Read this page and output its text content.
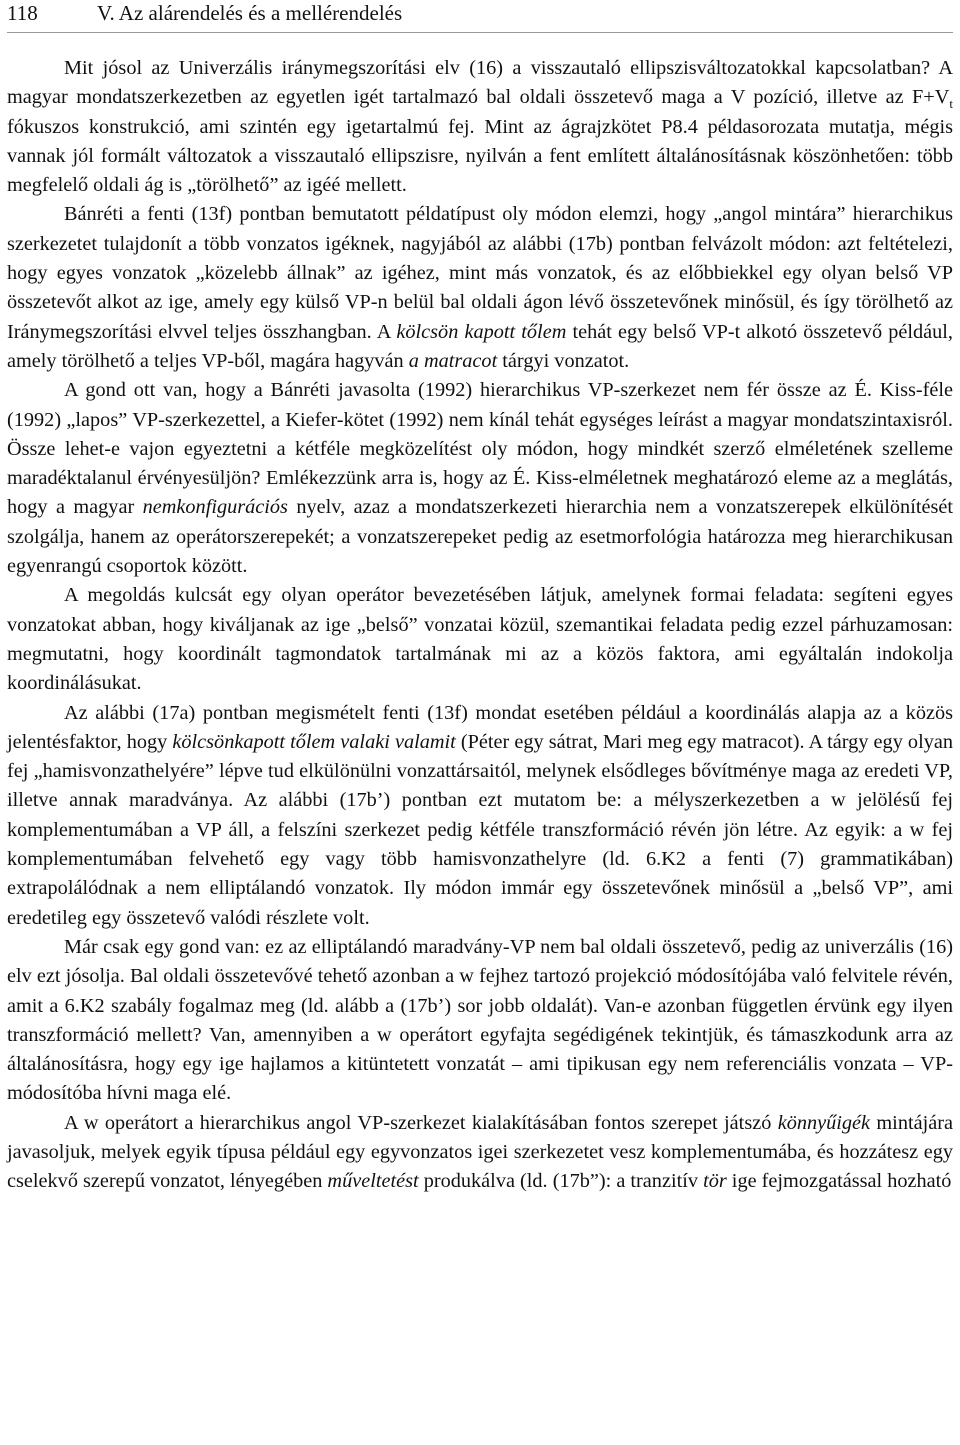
118	V. Az alárendelés és a mellérendelés

Mit jósol az Univerzális iránymegszorítási elv (16) a visszautaló ellipszisváltozatokkal kapcsolatban? A magyar mondatszerkezetben az egyetlen igét tartalmazó bal oldali összetevő maga a V pozíció, illetve az $F+V_t$ fókuszos konstrukció, ami szintén egy igetartalmú fej. Mint az ágrajzkötet P8.4 példasorozata mutatja, mégis vannak jól formált változatok a visszautaló ellipszisre, nyilván a fent említett általánosításnak köszönhetően: több megfelelő oldali ág is „törölhető” az igéé mellett.

Bánréti a fenti (13f) pontban bemutatott példatípust oly módon elemzi, hogy „angol mintára” hierarchikus szerkezetet tulajdonít a több vonzatos igéknek, nagyjából az alábbi (17b) pontban felvázolt módon: azt feltételezi, hogy egyes vonzatok „közelebb állnak” az igéhez, mint más vonzatok, és az előbbiekkel egy olyan belső VP összetevőt alkot az ige, amely egy külső VP-n belül bal oldali ágon lévő összetevőnek minősül, és így törölhető az Iránymegszorítási elvvel teljes összhangban. A kölcsön kapott tőlem tehát egy belső VP-t alkotó összetevő például, amely törölhető a teljes VP-ből, magára hagyván a matracot tárgyi vonzatot.

A gond ott van, hogy a Bánréti javasolta (1992) hierarchikus VP-szerkezet nem fér össze az É. Kiss-féle (1992) „lapos” VP-szerkezettel, a Kiefer-kötet (1992) nem kínál tehát egységes leírást a magyar mondatszintaxisról. Össze lehet-e vajon egyeztetni a kétféle megközelítést oly módon, hogy mindkét szerző elméletének szelleme maradéktalanul érvényesüljön? Emlékezzünk arra is, hogy az É. Kiss-elméletnek meghatározó eleme az a meglátás, hogy a magyar nemkonfigurációs nyelv, azaz a mondatszerkezeti hierarchia nem a vonzatszerepek elkülönítését szolgálja, hanem az operátorszerepekét; a vonzatszerepeket pedig az esetmorfológia határozza meg hierarchikusan egyenrangú csoportok között.

A megoldás kulcsát egy olyan operátor bevezetésében látjuk, amelynek formai feladata: segíteni egyes vonzatokat abban, hogy kiváljanak az ige „belső” vonzatai közül, szemantikai feladata pedig ezzel párhuzamosan: megmutatni, hogy koordinált tagmondatok tartalmának mi az a közös faktora, ami egyáltalán indokolja koordinálásukat.

Az alábbi (17a) pontban megismételt fenti (13f) mondat esetében például a koordinálás alapja az a közös jelentésfaktor, hogy kölcsönkapott tőlem valaki valamit (Péter egy sátrat, Mari meg egy matracot). A tárgy egy olyan fej „hamisvonzathelyére” lépve tud elkülönülni vonzattársaitól, melynek elsődleges bővítménye maga az eredeti VP, illetve annak maradványa. Az alábbi (17b’) pontban ezt mutatom be: a mélyszerkezetben a w jelölésű fej komplementumában a VP áll, a felszíni szerkezet pedig kétféle transzformáció révén jön létre. Az egyik: a w fej komplementumában felvehető egy vagy több hamisvonzathelyre (ld. 6.K2 a fenti (7) grammatikában) extrapolálódnak a nem elliptálandó vonzatok. Ily módon immár egy összetevőnek minősül a „belső VP”, ami eredetileg egy összetevő valódi részlete volt.

Már csak egy gond van: ez az elliptálandó maradvány-VP nem bal oldali összetevő, pedig az univerzális (16) elv ezt jósolja. Bal oldali összetevővé tehető azonban a w fejhez tartozó projekció módosítójába való felvitele révén, amit a 6.K2 szabály fogalmaz meg (ld. alább a (17b’) sor jobb oldalát). Van-e azonban független érvünk egy ilyen transzformáció mellett? Van, amennyiben a w operátort egyfajta segédigének tekintjük, és támaszkodunk arra az általánosításra, hogy egy ige hajlamos a kitüntetett vonzatát – ami tipikusan egy nem referenciális vonzata – VP-módosítóba hívni maga elé.

A w operátort a hierarchikus angol VP-szerkezet kialakításában fontos szerepet játszó könnyűigék mintájára javasoljuk, melyek egyik típusa például egy egyvonzatos igei szerkezetet vesz komplementumába, és hozzátesz egy cselekvő szerepű vonzatot, lényegében műveltetést produkálva (ld. (17b”): a tranzitív tör ige fejmozgatással hozható
